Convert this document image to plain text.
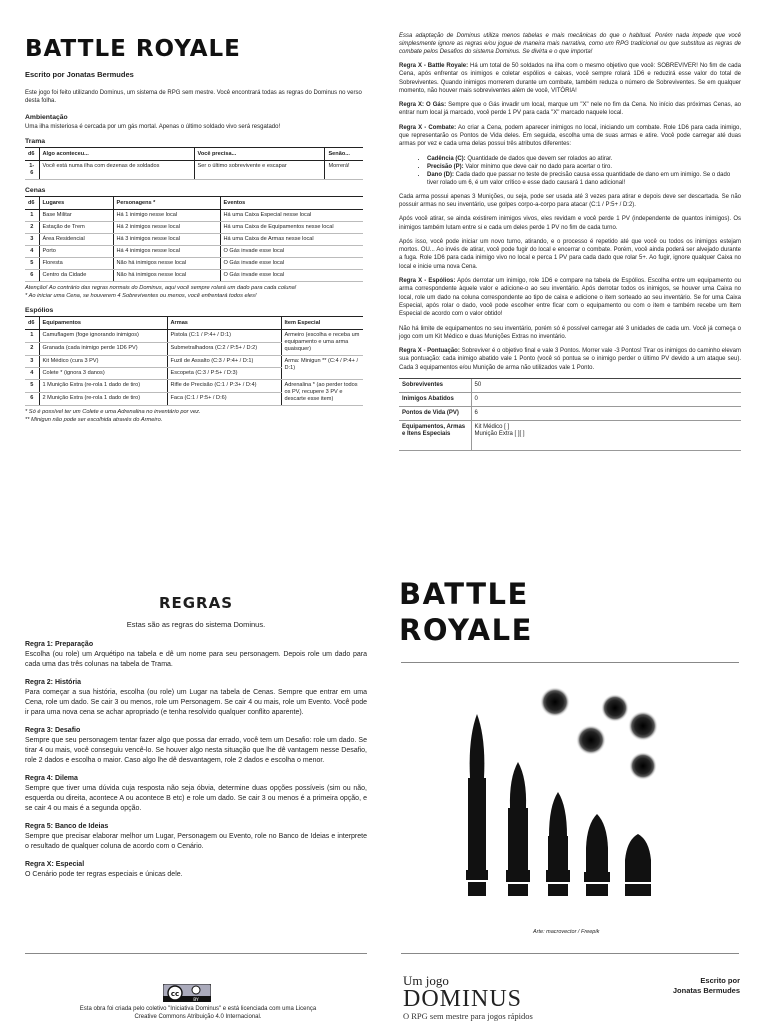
BATTLE ROYALE
Escrito por Jonatas Bermudes
Este jogo foi feito utilizando Dominus, um sistema de RPG sem mestre. Você encontrará todas as regras do Dominus no verso desta folha.
Ambientação
Uma ilha misteriosa é cercada por um gás mortal. Apenas o último soldado vivo será resgatado!
Trama
d6	Algo aconteceu...	Você precisa...	Senão...
1-6	Você está numa ilha com dezenas de soldados	Ser o último sobrevivente e escapar	Morrerá!
Cenas
d6	Lugares	Personagens *	Eventos
1	Base Militar	Há 1 inimigo nesse local	Há uma Caixa Especial nesse local
2	Estação de Trem	Há 2 inimigos nesse local	Há uma Caixa de Equipamentos nesse local
3	Área Residencial	Há 3 inimigos nesse local	Há uma Caixa de Armas nesse local
4	Porto	Há 4 inimigos nesse local	O Gás invade esse local
5	Floresta	Não há inimigos nesse local	O Gás invade esse local
6	Centro da Cidade	Não há inimigos nesse local	O Gás invade esse local
Atenção! Ao contrário das regras normais do Dominus, aqui você sempre rolará um dado para cada coluna!
* Ao iniciar uma Cena, se houverem 4 Sobreviventes ou menos, você enfrentará todos eles!
Espólios
d6	Equipamentos	Armas	Item Especial
1	Camuflagem (foge ignorando inimigos)	Pistola (C:1 / P:4+ / D:1)	Armeiro (escolha e receba um equipamento e uma arma quaisquer)
2	Granada (cada inimigo perde 1D6 PV)	Submetralhadora (C:2 / P:5+ / D:2)	
3	Kit Médico (cura 3 PV)	Fuzil de Assalto (C:3 / P:4+ / D:1)	Arma: Minigun ** (C:4 / P:4+ / D:1)
4	Colete * (ignora 3 danos)	Escopeta (C:3 / P:5+ / D:3)	
5	1 Munição Extra (re-rola 1 dado de tiro)	Rifle de Precisão (C:1 / P:3+ / D:4)	Adrenalina * (ao perder todos os PV, recupere 3 PV e descarte esse item)
6	2 Munição Extra (re-rola 1 dado de tiro)	Faca (C:1 / P:5+ / D:6)	
* Só é possível ter um Colete e uma Adrenalina no inventário por vez.
** Minigun não pode ser escolhida através do Armeiro.

Essa adaptação de Dominus utiliza menos tabelas e mais mecânicas do que o habitual. Porém nada impede que você simplesmente ignore as regras e/ou jogue de maneira mais narrativa, como um RPG tradicional ou que substitua as regras de combate pelos Desafios do sistema Dominus. Se divirta e o que importa!

Regra X - Battle Royale: Há um total de 50 soldados na ilha com o mesmo objetivo que você: SOBREVIVER! No fim de cada Cena, após enfrentar os inimigos e coletar espólios e caixas, você sempre rolará 1D6 e reduzirá esse valor do total de Sobreviventes. Quando inimigos morrerem durante um combate, também reduza o número de Sobreviventes. Se em qualquer momento, não houver mais sobreviventes além de você, VITÓRIA!

Regra X: O Gás: Sempre que o Gás invadir um local, marque um "X" nele no fim da Cena. No início das próximas Cenas, ao entrar num local já marcado, você perde 1 PV para cada "X" marcado naquele local.

Regra X - Combate: Ao criar a Cena, podem aparecer inimigos no local, iniciando um combate. Role 1D6 para cada inimigo, que representarão os Pontos de Vida deles. Em seguida, escolha uma de suas armas e atire. Você pode carregar até duas armas por vez e cada uma delas possui três atributos diferentes:

• Cadência (C): Quantidade de dados que devem ser rolados ao atirar.
• Precisão (P): Valor mínimo que deve cair no dado para acertar o tiro.
• Dano (D): Cada dado que passar no teste de precisão causa essa quantidade de dano em um inimigo. Se o dado tiver rolado um 6, é um valor crítico e esse dado causará 1 dano adicional!

Cada arma possui apenas 3 Munições, ou seja, pode ser usada até 3 vezes para atirar e depois deve ser descartada. Se não possuir armas no seu inventário, use golpes corpo-a-corpo para atacar (C:1 / P:5+ / D:2).

Após você atirar, se ainda existirem inimigos vivos, eles revidam e você perde 1 PV (independente de quantos inimigos). Os inimigos também lutam entre si e cada um deles perde 1 PV no fim de cada turno.

Após isso, você pode iniciar um novo turno, atirando, e o processo é repetido até que você ou todos os inimigos estejam mortos. OU... Ao invés de atirar, você pode fugir do local e encerrar o combate. Porém, você ainda poderá ser alvejado durante a fuga. Role 1D6 para cada inimigo vivo no local e perca 1 PV para cada dado que rolar 5+. Ao fugir, ignore qualquer Caixa no local e inicie uma nova Cena.

Regra X - Espólios: Após derrotar um inimigo, role 1D6 e compare na tabela de Espólios. Escolha entre um equipamento ou arma correspondente àquele valor e adicione-o ao seu inventário. Após derrotar todos os inimigos, se houver uma Caixa no local, role um dado na coluna correspondente ao tipo de caixa e adicione o item sorteado ao seu inventário. Se for uma Caixa Especial, após rolar o dado, você pode escolher entre ficar com o equipamento ou com o item e também recebe um Item Especial de acordo com o valor obtido!

Não há limite de equipamentos no seu inventário, porém só é possível carregar até 3 unidades de cada um. Você já começa o jogo com um Kit Médico e duas Munições Extras no inventário.

Regra X - Pontuação: Sobreviver é o objetivo final e vale 3 Pontos. Morrer vale -3 Pontos! Tirar os inimigos do caminho elevam sua pontuação: cada inimigo abatido vale 1 Ponto (você só pontua se o inimigo perder o último PV devido a um ataque seu). Cada 3 equipamentos e/ou Munição de arma não utilizados vale 1 Ponto.

Sobreviventes	50
Inimigos Abatidos	0
Pontos de Vida (PV)	6
Equipamentos, Armas e Itens Especiais	Kit Médico [ ]
Munição Extra [ ][ ]
REGRAS
Estas são as regras do sistema Dominus.
Regra 1: Preparação

Escolha (ou role) um Arquétipo na tabela e dê um nome para seu personagem. Depois role um dado para cada uma das três colunas na tabela de Trama.

Regra 2: História

Para começar a sua história, escolha (ou role) um Lugar na tabela de Cenas. Sempre que entrar em uma Cena, role um dado. Se cair 3 ou menos, role um Personagem. Se cair 4 ou mais, role um Evento. Você pode ir para uma nova cena se achar apropriado (e tenha resolvido qualquer conflito aparente).

Regra 3: Desafio

Sempre que seu personagem tentar fazer algo que possa dar errado, você tem um Desafio: role um dado. Se tirar 4 ou mais, você conseguiu vencê-lo. Se houver algo nesta situação que lhe dê vantagem nesse Desafio, role 2 dados e escolha o maior. Caso algo lhe dê desvantagem, role 2 dados e escolha o menor.

Regra 4: Dilema

Sempre que tiver uma dúvida cuja resposta não seja óbvia, determine duas opções possíveis (sim ou não, esquerda ou direita, acontece A ou acontece B etc) e role um dado. Se cair 3 ou menos é a primeira opção, e se cair 4 ou mais é a segunda opção.

Regra 5: Banco de Ideias

Sempre que precisar elaborar melhor um Lugar, Personagem ou Evento, role no Banco de Ideias e interprete o resultado de qualquer coluna de acordo com o Cenário.

Regra X: Especial

O Cenário pode ter regras especiais e únicas dele.

cc
BY
Esta obra foi criada pelo coletivo "Iniciativa Dominus" e está licenciada com uma Licença Creative Commons Atribuição 4.0 Internacional.
BATTLE
ROYALE
Arte: macrovector / Freepik
Um jogo
DOMINUS
O RPG sem mestre para jogos rápidos
Escrito por
Jonatas Bermudes
